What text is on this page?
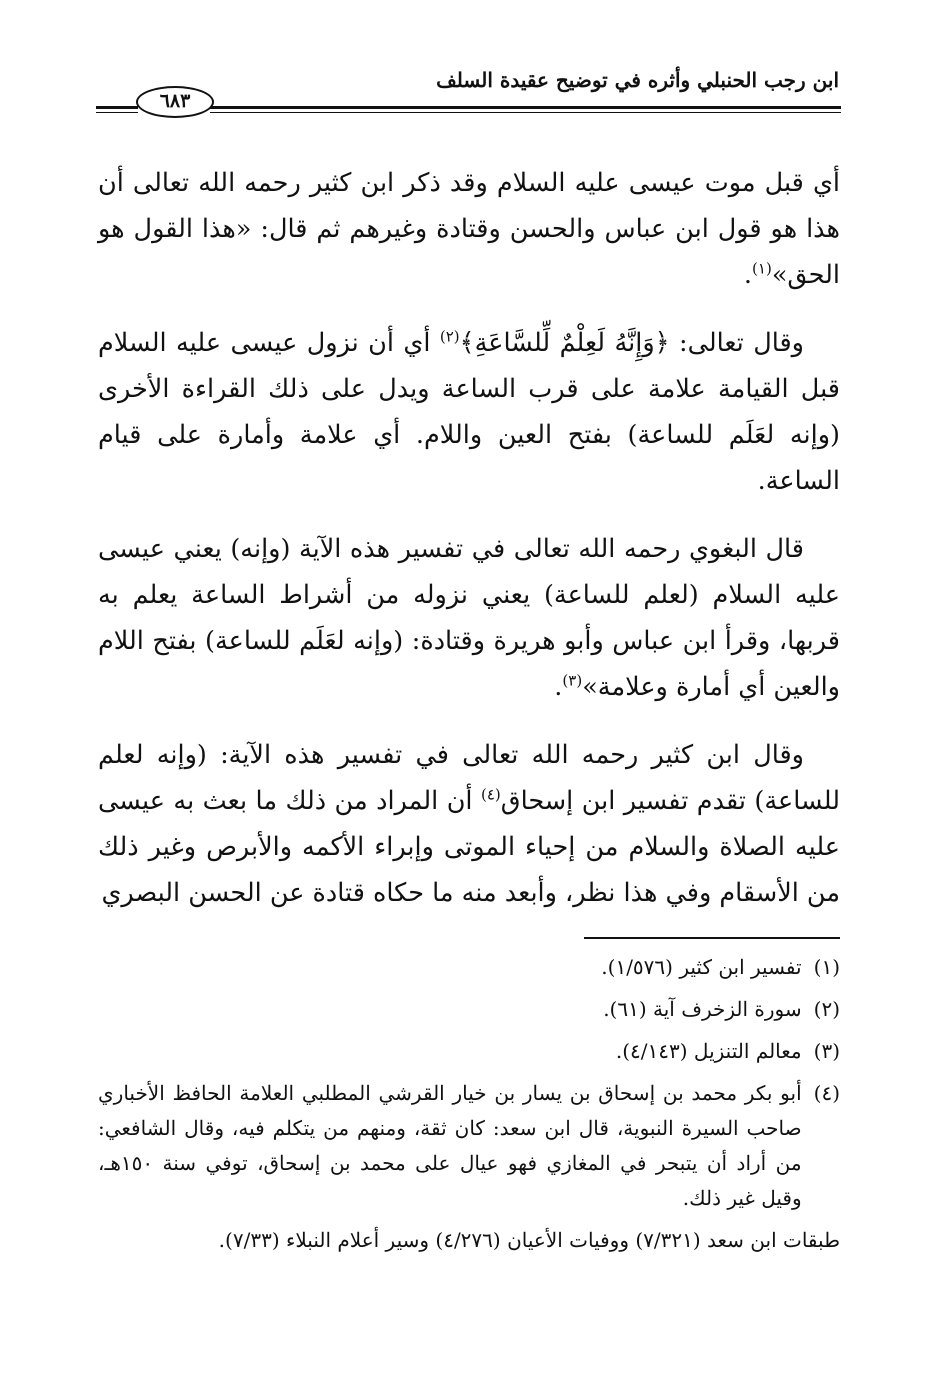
ابن رجب الحنبلي وأثره في توضيح عقيدة السلف
٦٨٣

أي قبل موت عيسى عليه السلام وقد ذكر ابن كثير رحمه الله تعالى أن هذا هو قول ابن عباس والحسن وقتادة وغيرهم ثم قال: «هذا القول هو الحق»$^{(١)}$.

وقال تعالى: ﴿وَإِنَّهُ لَعِلْمٌ لِّلسَّاعَةِ﴾$^{(٢)}$ أي أن نزول عيسى عليه السلام قبل القيامة علامة على قرب الساعة ويدل على ذلك القراءة الأخرى (وإنه لعَلَم للساعة) بفتح العين واللام. أي علامة وأمارة على قيام الساعة.

قال البغوي رحمه الله تعالى في تفسير هذه الآية (وإنه) يعني عيسى عليه السلام (لعلم للساعة) يعني نزوله من أشراط الساعة يعلم به قربها، وقرأ ابن عباس وأبو هريرة وقتادة: (وإنه لعَلَم للساعة) بفتح اللام والعين أي أمارة وعلامة»$^{(٣)}$.

وقال ابن كثير رحمه الله تعالى في تفسير هذه الآية: (وإنه لعلم للساعة) تقدم تفسير ابن إسحاق$^{(٤)}$ أن المراد من ذلك ما بعث به عيسى عليه الصلاة والسلام من إحياء الموتى وإبراء الأكمه والأبرص وغير ذلك من الأسقام وفي هذا نظر، وأبعد منه ما حكاه قتادة عن الحسن البصري

(١)
تفسير ابن كثير (١/٥٧٦).
(٢)
سورة الزخرف آية (٦١).
(٣)
معالم التنزيل (٤/١٤٣).
(٤)
أبو بكر محمد بن إسحاق بن يسار بن خيار القرشي المطلبي العلامة الحافظ الأخباري صاحب السيرة النبوية، قال ابن سعد: كان ثقة، ومنهم من يتكلم فيه، وقال الشافعي: من أراد أن يتبحر في المغازي فهو عيال على محمد بن إسحاق، توفي سنة ١٥٠هـ، وقيل غير ذلك.
طبقات ابن سعد (٧/٣٢١) ووفيات الأعيان (٤/٢٧٦) وسير أعلام النبلاء (٧/٣٣).
